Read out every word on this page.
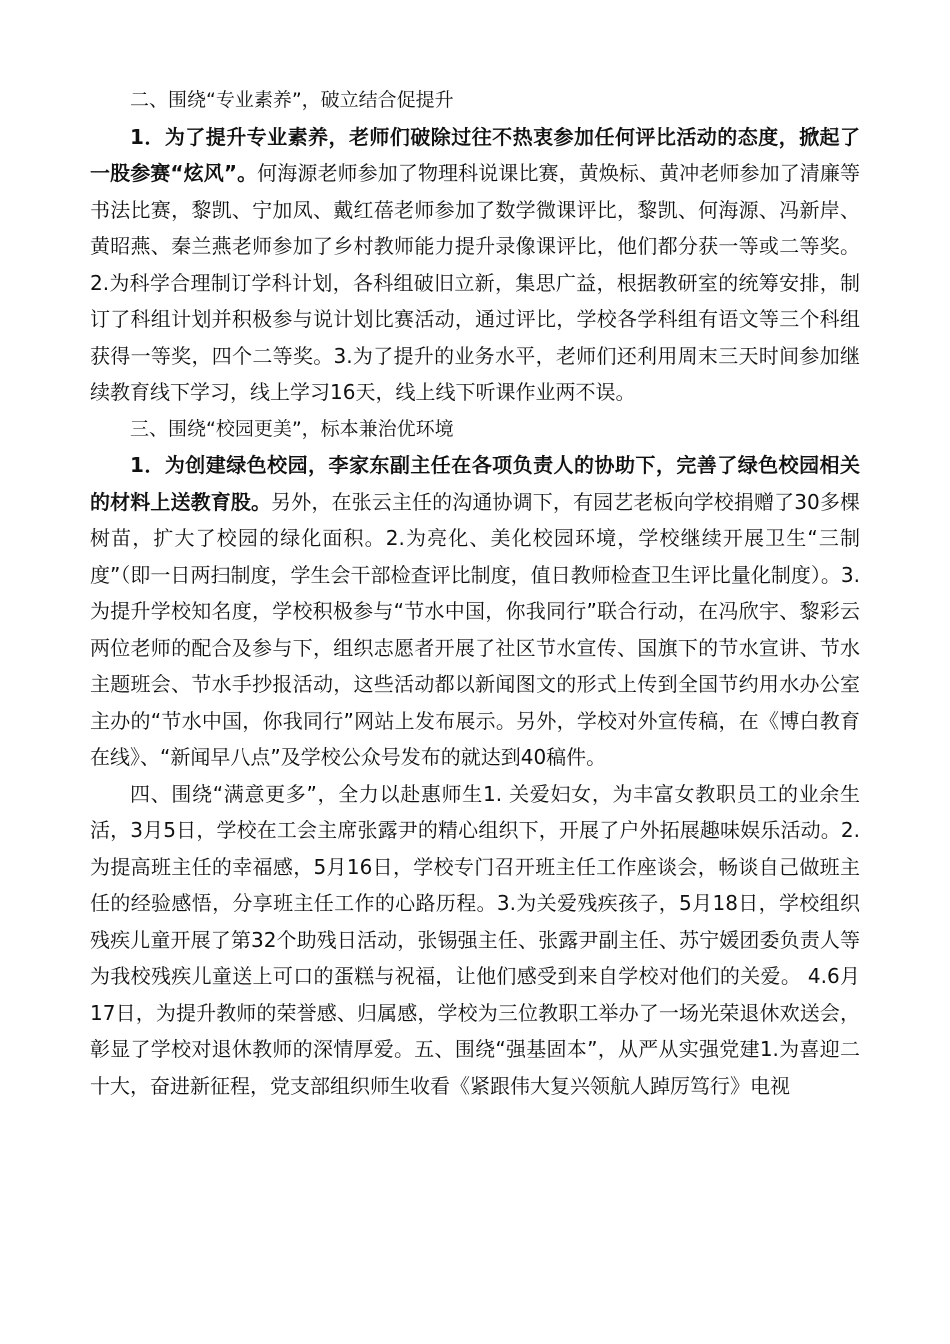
二、围绕“专业素养”，破立结合促提升

1．为了提升专业素养，老师们破除过往不热衷参加任何评比活动的态度，掀起了一股参赛“炫风”。何海源老师参加了物理科说课比赛，黄焕标、黄冲老师参加了清廉等书法比赛，黎凯、宁加凤、戴红蓓老师参加了数学微课评比，黎凯、何海源、冯新岸、黄昭燕、秦兰燕老师参加了乡村教师能力提升录像课评比，他们都分获一等或二等奖。2.为科学合理制订学科计划，各科组破旧立新，集思广益，根据教研室的统筹安排，制订了科组计划并积极参与说计划比赛活动，通过评比，学校各学科组有语文等三个科组获得一等奖，四个二等奖。3.为了提升的业务水平，老师们还利用周末三天时间参加继续教育线下学习，线上学习16天，线上线下听课作业两不误。

三、围绕“校园更美”，标本兼治优环境

1．为创建绿色校园，李家东副主任在各项负责人的协助下，完善了绿色校园相关的材料上送教育股。另外，在张云主任的沟通协调下，有园艺老板向学校捐赠了30多棵树苗，扩大了校园的绿化面积。2.为亮化、美化校园环境，学校继续开展卫生“三制度”（即一日两扫制度，学生会干部检查评比制度，值日教师检查卫生评比量化制度）。3.为提升学校知名度，学校积极参与“节水中国，你我同行”联合行动，在冯欣宇、黎彩云两位老师的配合及参与下，组织志愿者开展了社区节水宣传、国旗下的节水宣讲、节水主题班会、节水手抄报活动，这些活动都以新闻图文的形式上传到全国节约用水办公室主办的“节水中国，你我同行”网站上发布展示。另外，学校对外宣传稿，在《博白教育在线》、“新闻早八点”及学校公众号发布的就达到40稿件。

四、围绕“满意更多”，全力以赴惠师生1. 关爱妇女，为丰富女教职员工的业余生活，3月5日，学校在工会主席张露尹的精心组织下，开展了户外拓展趣味娱乐活动。2.为提高班主任的幸福感，5月16日，学校专门召开班主任工作座谈会，畅谈自己做班主任的经验感悟，分享班主任工作的心路历程。3.为关爱残疾孩子，5月18日，学校组织残疾儿童开展了第32个助残日活动，张锡强主任、张露尹副主任、苏宁媛团委负责人等为我校残疾儿童送上可口的蛋糕与祝福，让他们感受到来自学校对他们的关爱。 4.6月17日，为提升教师的荣誉感、归属感，学校为三位教职工举办了一场光荣退休欢送会，彰显了学校对退休教师的深情厚爱。五、围绕“强基固本”，从严从实强党建1.为喜迎二十大，奋进新征程，党支部组织师生收看《紧跟伟大复兴领航人踔厉笃行》电视
